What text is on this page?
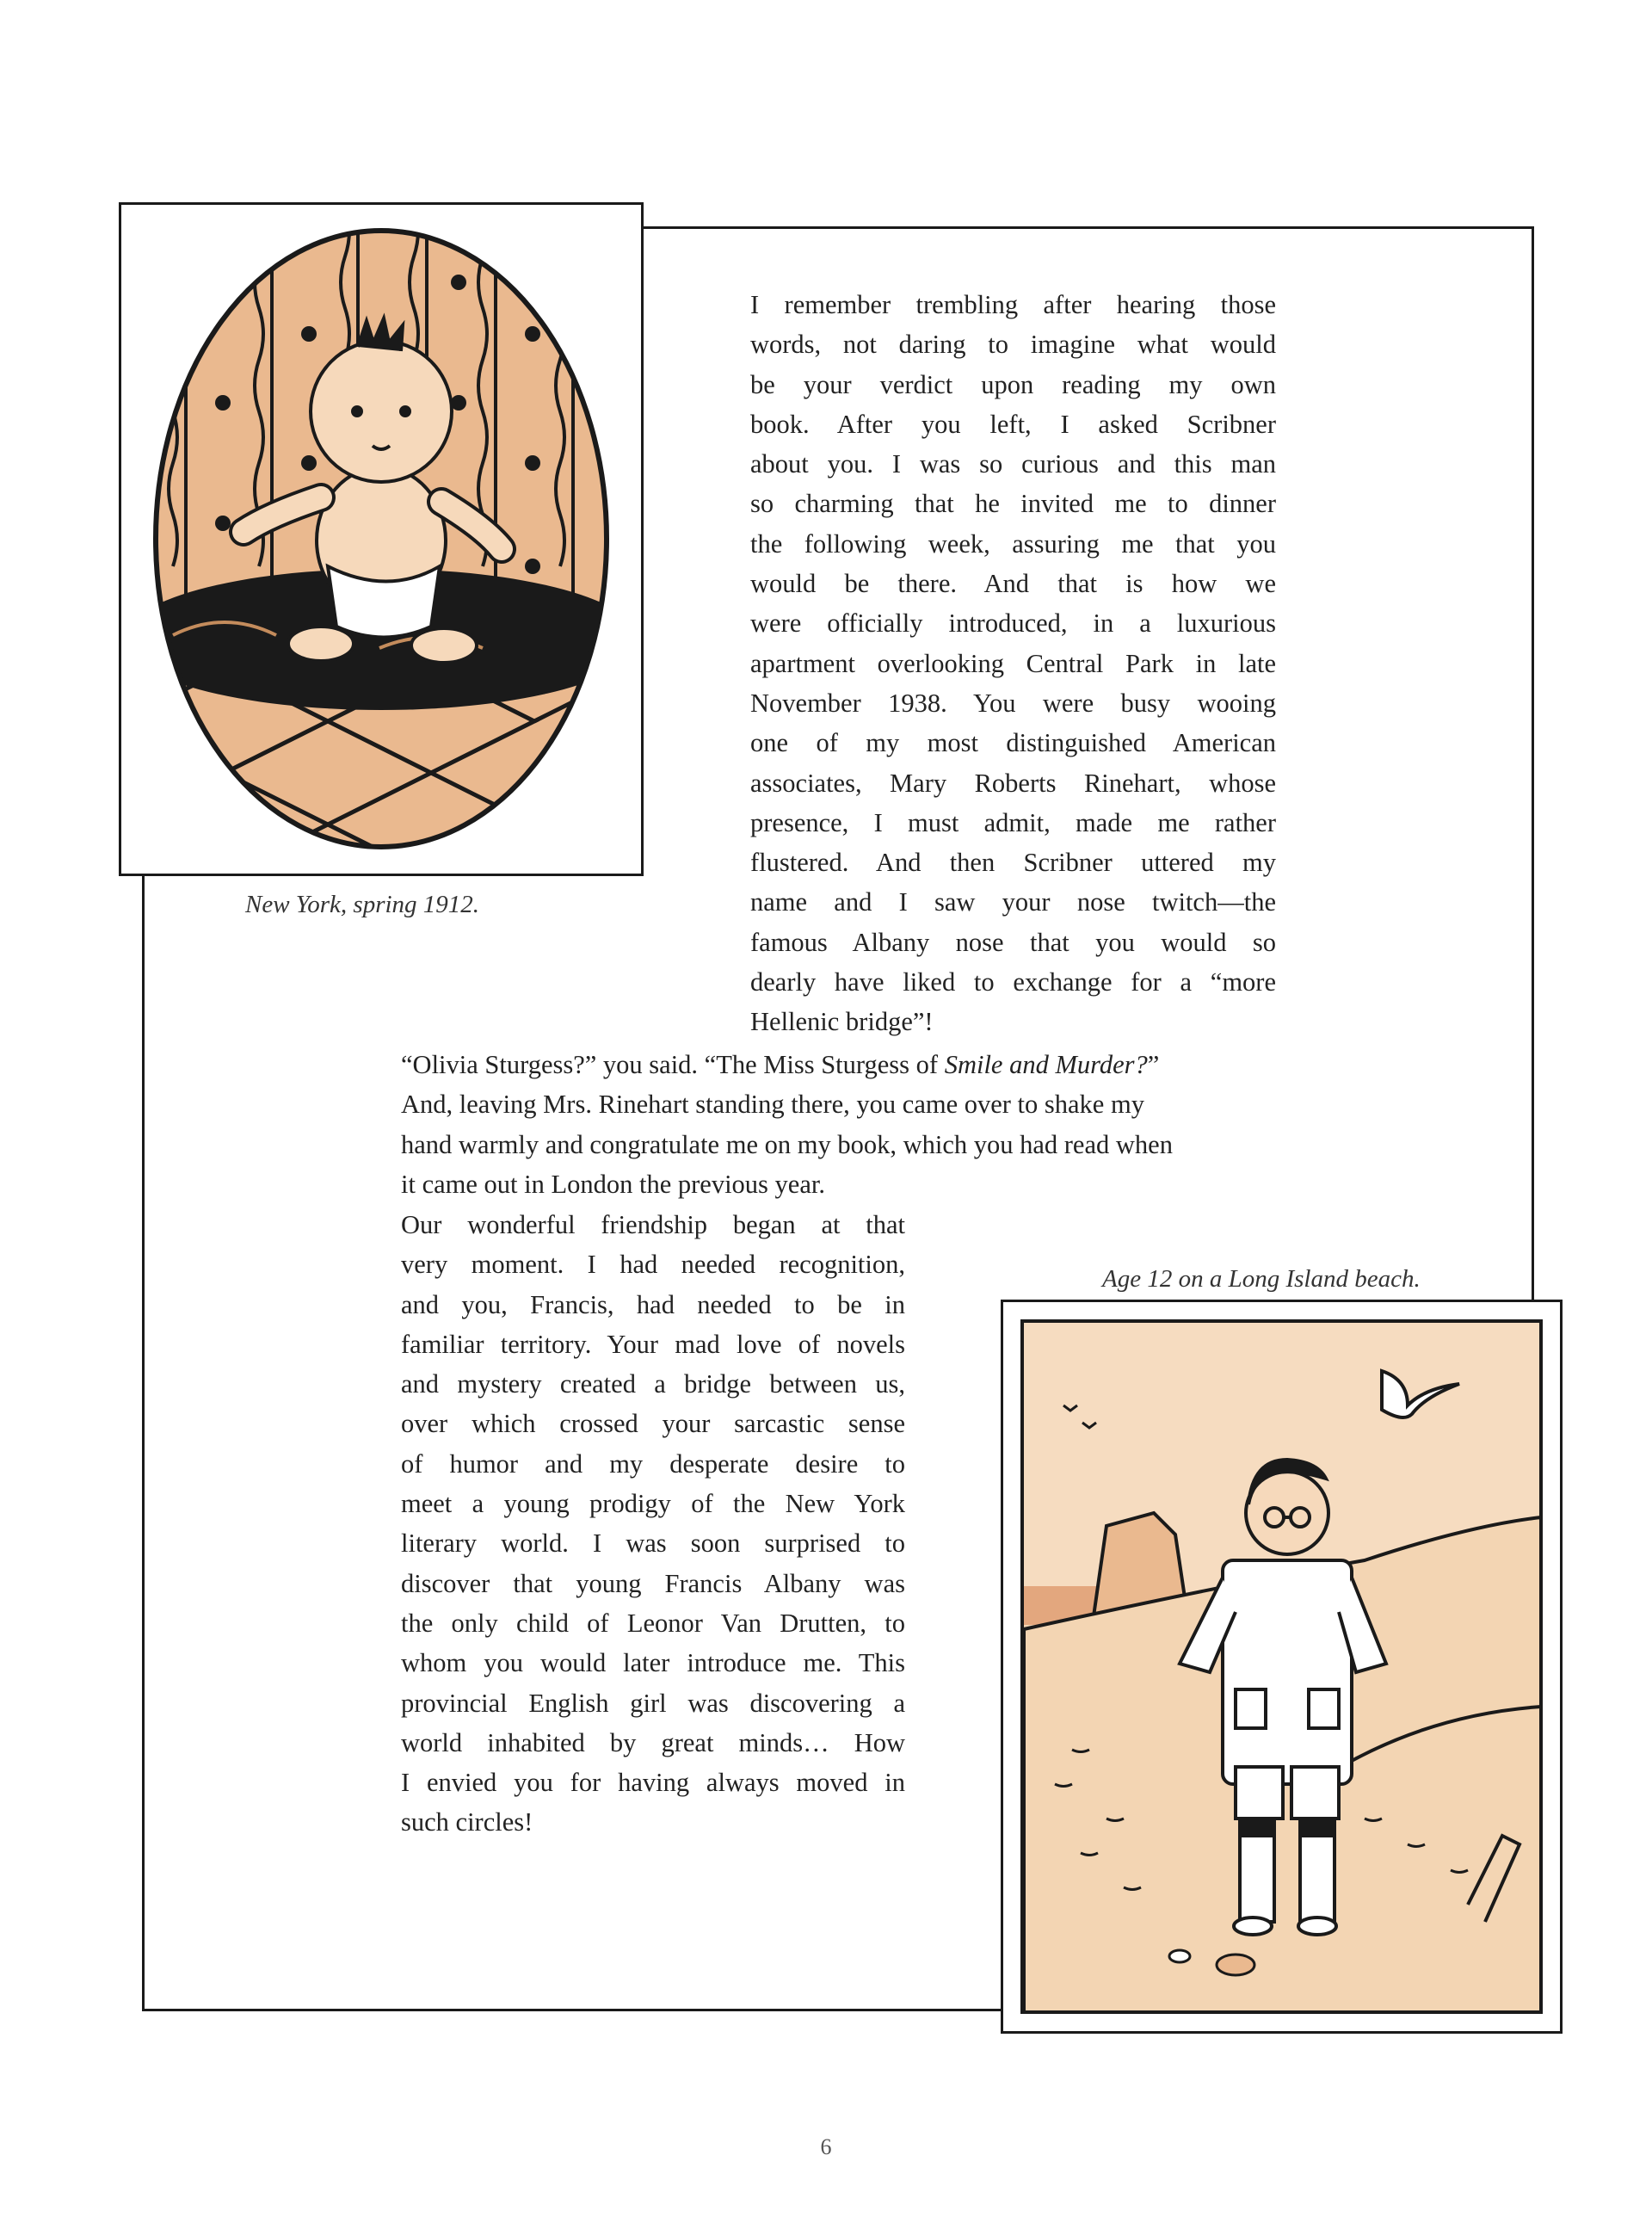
New York, spring 1912.
I remember trembling after hearing those
words, not daring to imagine what would
be your verdict upon reading my own
book. After you left, I asked Scribner
about you. I was so curious and this man
so charming that he invited me to dinner
the following week, assuring me that you
would be there. And that is how we
were officially introduced, in a luxurious
apartment overlooking Central Park in late
November 1938. You were busy wooing
one of my most distinguished American
associates, Mary Roberts Rinehart, whose
presence, I must admit, made me rather
flustered. And then Scribner uttered my
name and I saw your nose twitch—the
famous Albany nose that you would so
dearly have liked to exchange for a “more
Hellenic bridge”!
“Olivia Sturgess?” you said. “The Miss Sturgess of Smile and Murder?”
And, leaving Mrs. Rinehart standing there, you came over to shake my
hand warmly and congratulate me on my book, which you had read when
it came out in London the previous year.
Our wonderful friendship began at that
very moment. I had needed recognition,
and you, Francis, had needed to be in
familiar territory. Your mad love of novels
and mystery created a bridge between us,
over which crossed your sarcastic sense
of humor and my desperate desire to
meet a young prodigy of the New York
literary world. I was soon surprised to
discover that young Francis Albany was
the only child of Leonor Van Drutten, to
whom you would later introduce me. This
provincial English girl was discovering a
world inhabited by great minds… How
I envied you for having always moved in
such circles!
Age 12 on a Long Island beach.
6
